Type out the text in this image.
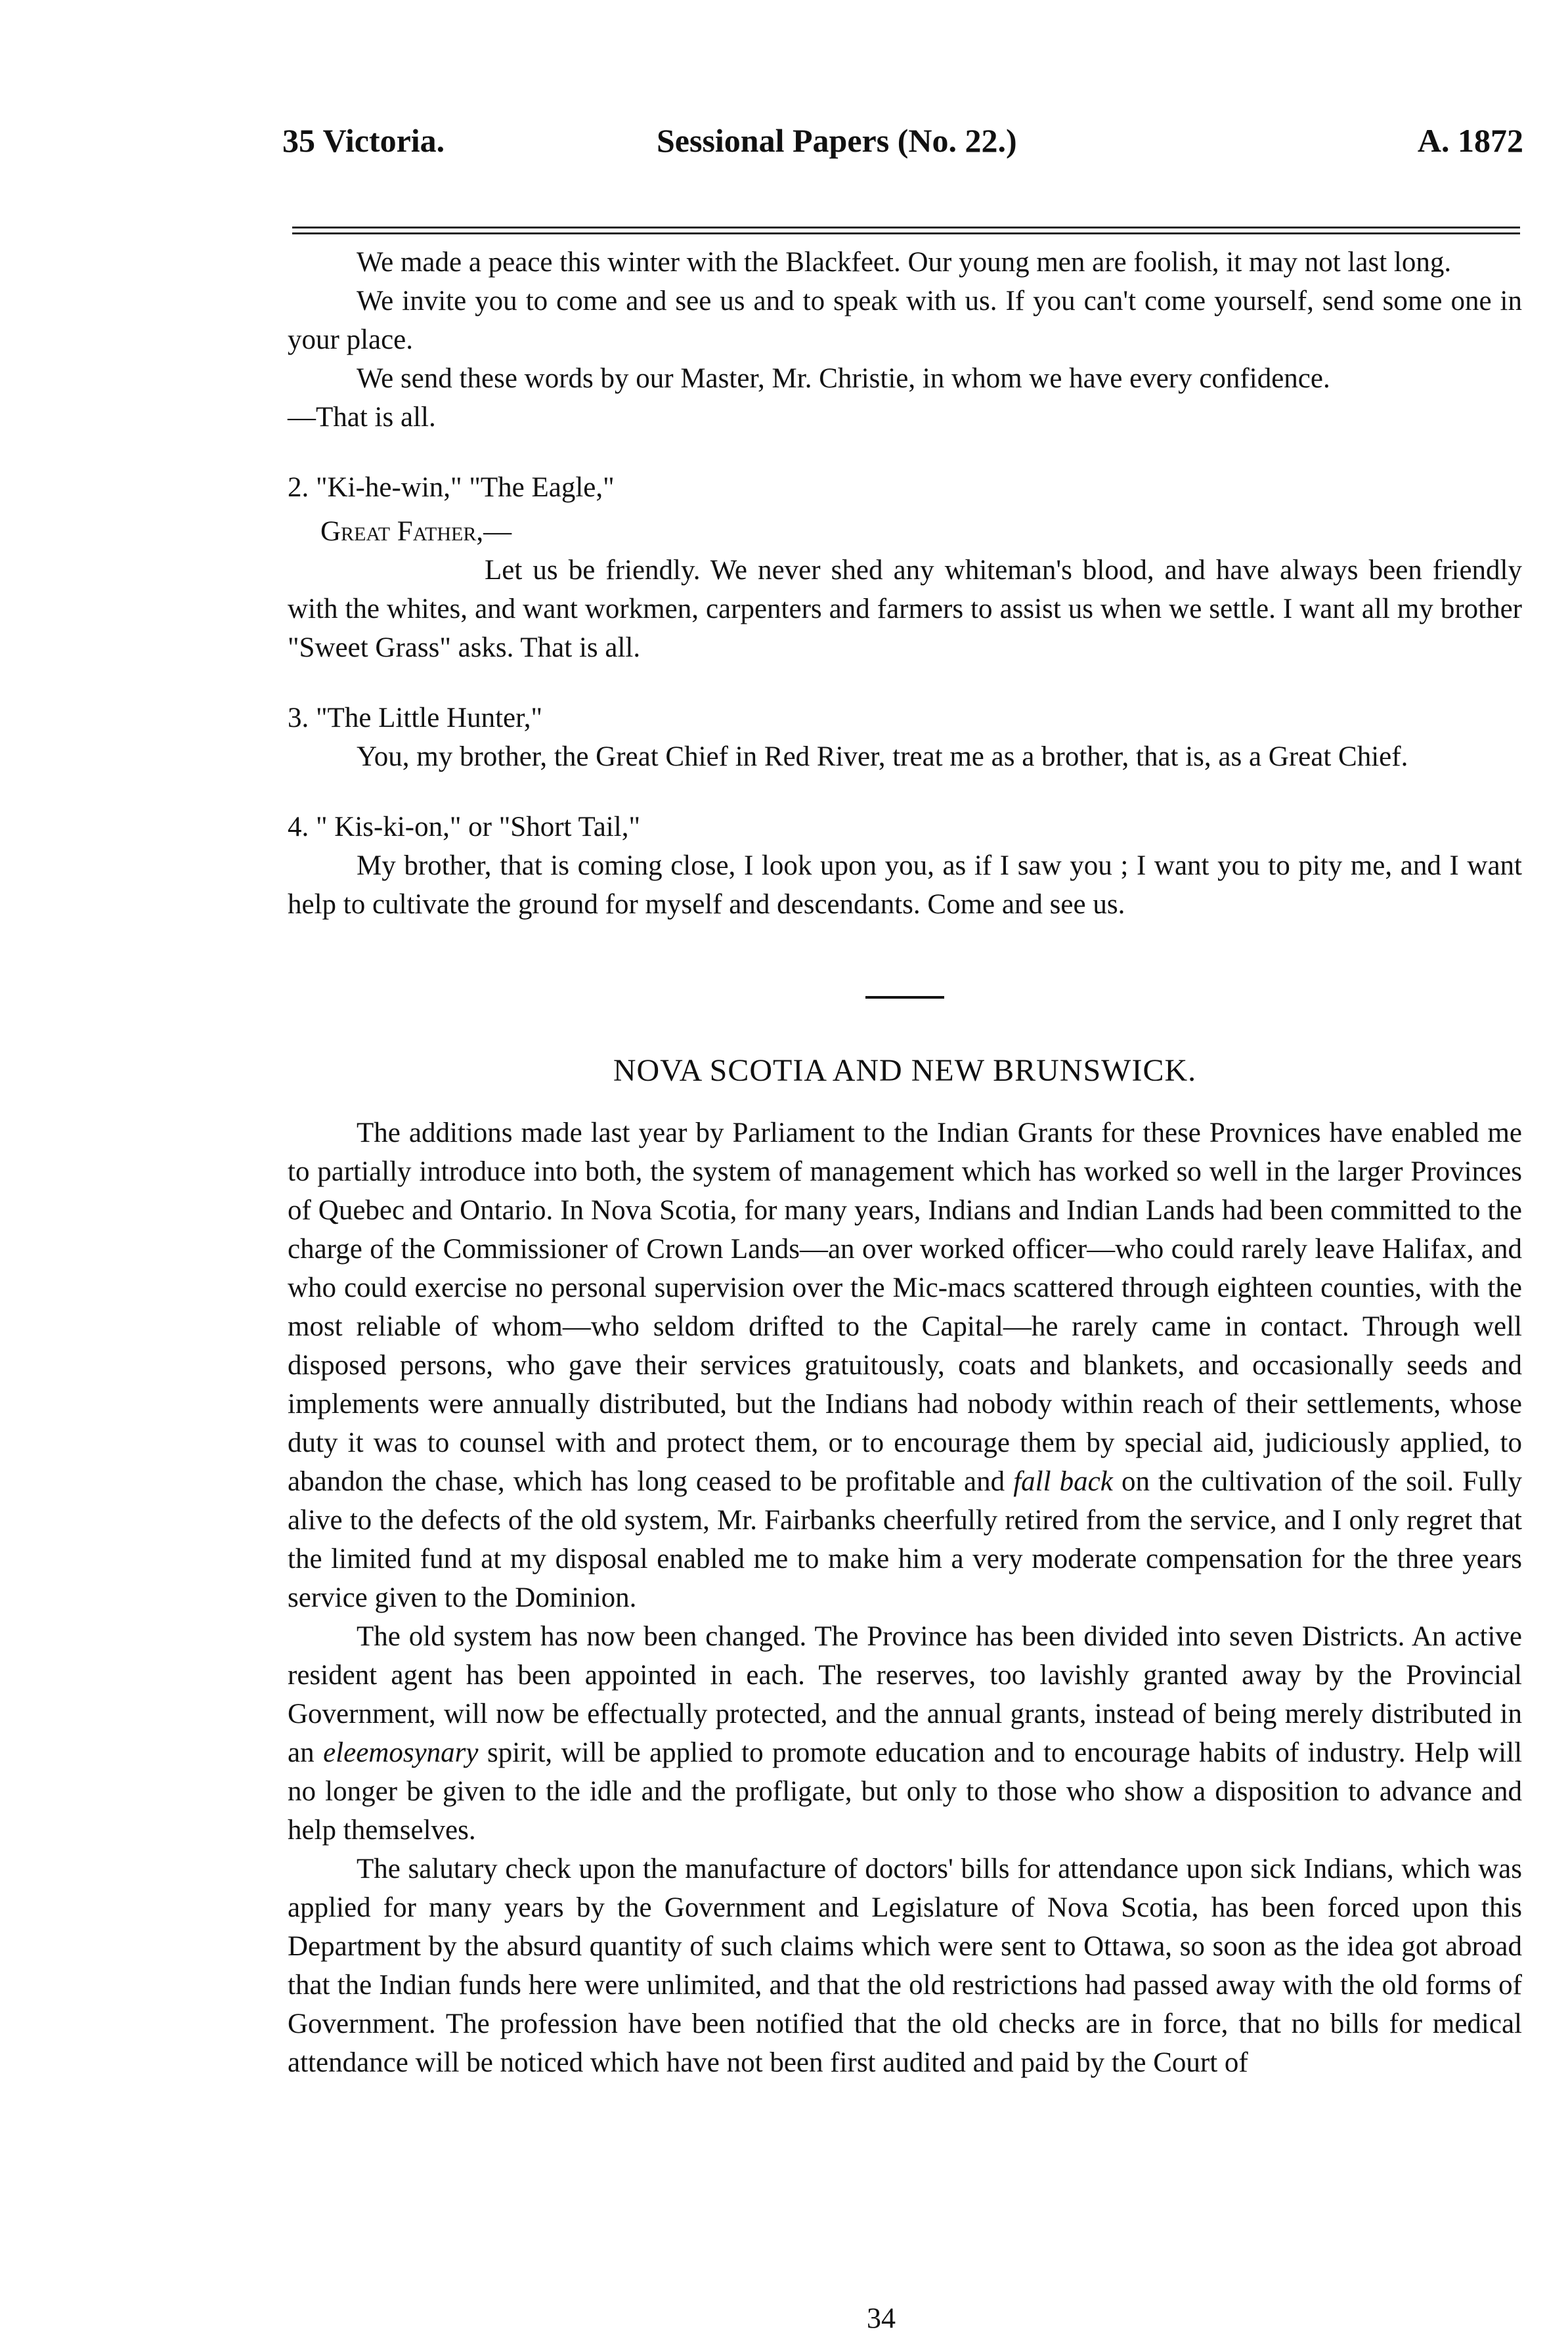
35 Victoria.	Sessional Papers (No. 22.)	A. 1872

We made a peace this winter with the Blackfeet. Our young men are foolish, it may not last long.

We invite you to come and see us and to speak with us. If you can't come yourself, send some one in your place.

We send these words by our Master, Mr. Christie, in whom we have every confidence.

—That is all.

2. "Ki-he-win," "The Eagle,"

Great Father,—

Let us be friendly. We never shed any whiteman's blood, and have always been friendly with the whites, and want workmen, carpenters and farmers to assist us when we settle. I want all my brother "Sweet Grass" asks. That is all.

3. "The Little Hunter,"

You, my brother, the Great Chief in Red River, treat me as a brother, that is, as a Great Chief.

4. " Kis-ki-on," or "Short Tail,"

My brother, that is coming close, I look upon you, as if I saw you ; I want you to pity me, and I want help to cultivate the ground for myself and descendants. Come and see us.

NOVA SCOTIA AND NEW BRUNSWICK.

The additions made last year by Parliament to the Indian Grants for these Provnices have enabled me to partially introduce into both, the system of management which has worked so well in the larger Provinces of Quebec and Ontario. In Nova Scotia, for many years, Indians and Indian Lands had been committed to the charge of the Commissioner of Crown Lands—an over worked officer—who could rarely leave Halifax, and who could exercise no personal supervision over the Mic-macs scattered through eighteen counties, with the most reliable of whom—who seldom drifted to the Capital—he rarely came in contact. Through well disposed persons, who gave their services gratuitously, coats and blankets, and occasionally seeds and implements were annually distributed, but the Indians had nobody within reach of their settlements, whose duty it was to counsel with and protect them, or to encourage them by special aid, judiciously applied, to abandon the chase, which has long ceased to be profitable and fall back on the cultivation of the soil. Fully alive to the defects of the old system, Mr. Fairbanks cheerfully retired from the service, and I only regret that the limited fund at my disposal enabled me to make him a very moderate compensation for the three years service given to the Dominion.

The old system has now been changed. The Province has been divided into seven Districts. An active resident agent has been appointed in each. The reserves, too lavishly granted away by the Provincial Government, will now be effectually protected, and the annual grants, instead of being merely distributed in an eleemosynary spirit, will be applied to promote education and to encourage habits of industry. Help will no longer be given to the idle and the profligate, but only to those who show a disposition to advance and help themselves.

The salutary check upon the manufacture of doctors' bills for attendance upon sick Indians, which was applied for many years by the Government and Legislature of Nova Scotia, has been forced upon this Department by the absurd quantity of such claims which were sent to Ottawa, so soon as the idea got abroad that the Indian funds here were unlimited, and that the old restrictions had passed away with the old forms of Government. The profession have been notified that the old checks are in force, that no bills for medical attendance will be noticed which have not been first audited and paid by the Court of

34
